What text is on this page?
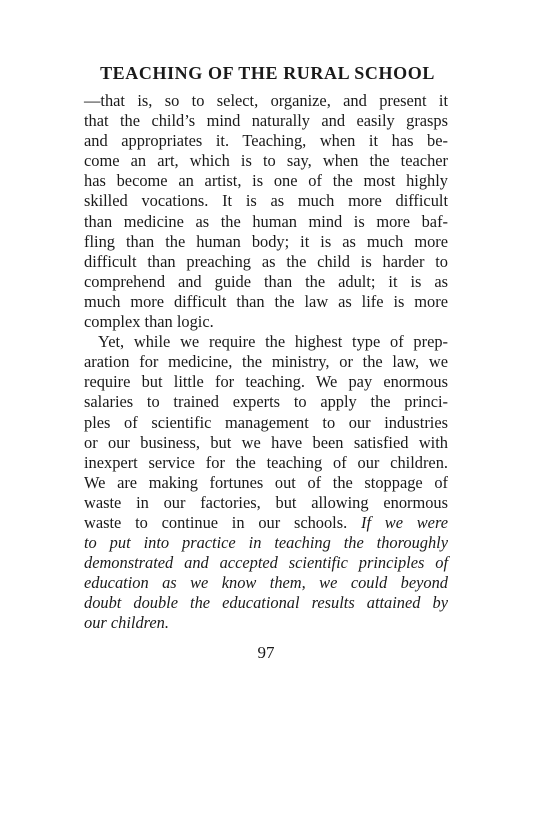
TEACHING OF THE RURAL SCHOOL
—that is, so to select, organize, and present it
that the child’s mind naturally and easily grasps
and appropriates it. Teaching, when it has be-
come an art, which is to say, when the teacher
has become an artist, is one of the most highly
skilled vocations. It is as much more difficult
than medicine as the human mind is more baf-
fling than the human body; it is as much more
difficult than preaching as the child is harder to
comprehend and guide than the adult; it is as
much more difficult than the law as life is more
complex than logic.
Yet, while we require the highest type of prep-
aration for medicine, the ministry, or the law, we
require but little for teaching. We pay enormous
salaries to trained experts to apply the princi-
ples of scientific management to our industries
or our business, but we have been satisfied with
inexpert service for the teaching of our children.
We are making fortunes out of the stoppage of
waste in our factories, but allowing enormous
waste to continue in our schools. If we were
to put into practice in teaching the thoroughly
demonstrated and accepted scientific principles of
education as we know them, we could beyond
doubt double the educational results attained by
our children.
97
